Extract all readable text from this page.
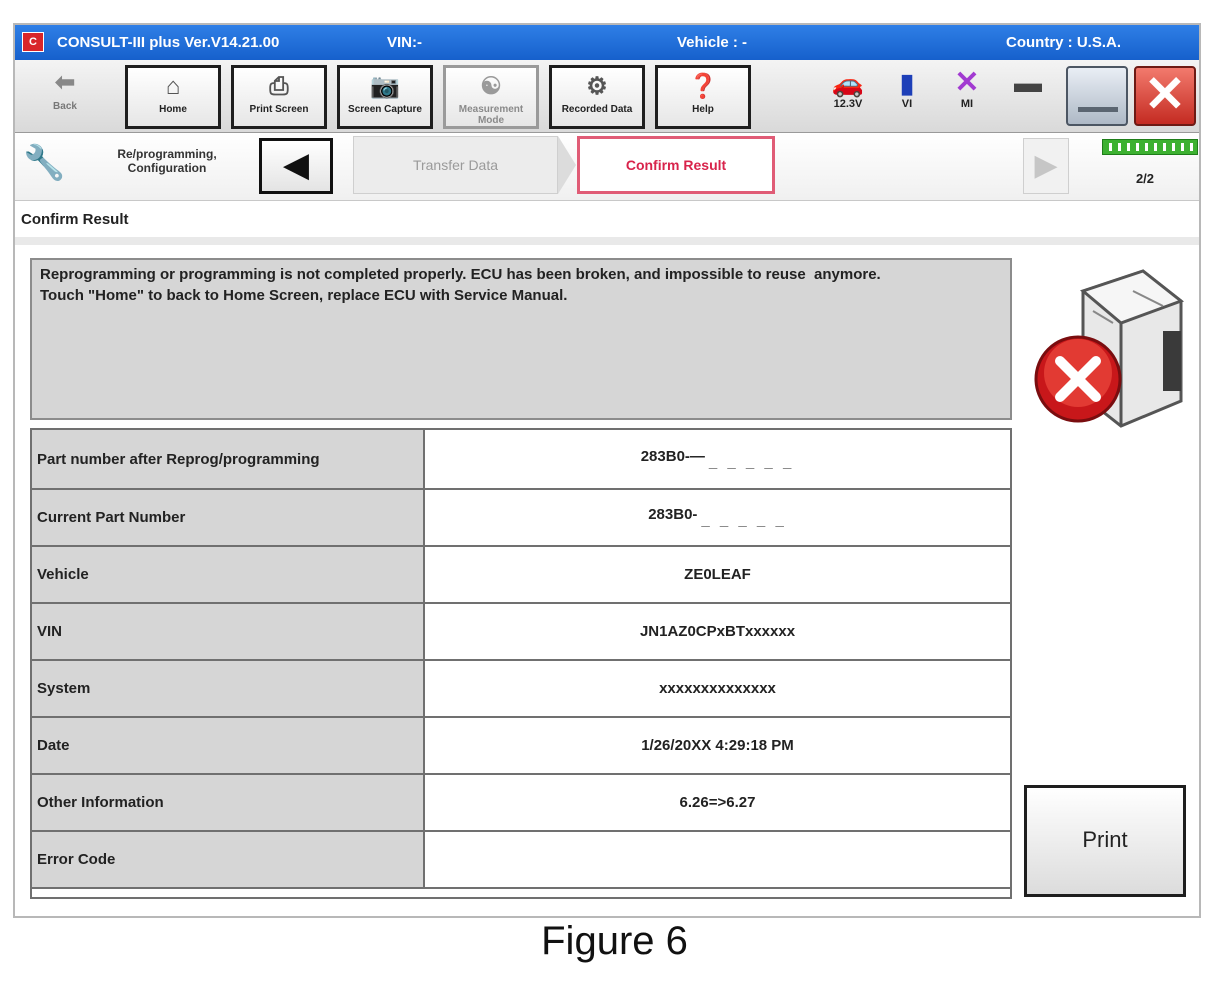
C	CONSULT-III plus Ver.V14.21.00	VIN:-	Vehicle : -	Country : U.S.A.
⬅
Back
⌂
Home
⎙
Print Screen
📷
Screen Capture
☯
Measurement Mode
⚙
Recorded Data
❓
Help
🚗
12.3V
▮
VI
✕
MI
▬ ✕
🔧	Re/programming, Configuration	◀	Transfer Data	Confirm Result	▶	2/2
Confirm Result
Reprogramming or programming is not completed properly. ECU has been broken, and impossible to reuse  anymore.
Touch "Home" to back to Home Screen, replace ECU with Service Manual.
Part number after Reprog/programming	283B0-— _ _ _ _ _
Current Part Number	283B0- _ _ _ _ _
Vehicle	ZE0LEAF
VIN	JN1AZ0CPxBTxxxxxx
System	xxxxxxxxxxxxxx
Date	1/26/20XX 4:29:18 PM
Other Information	6.26=>6.27
Error Code	
Print
Figure 6
